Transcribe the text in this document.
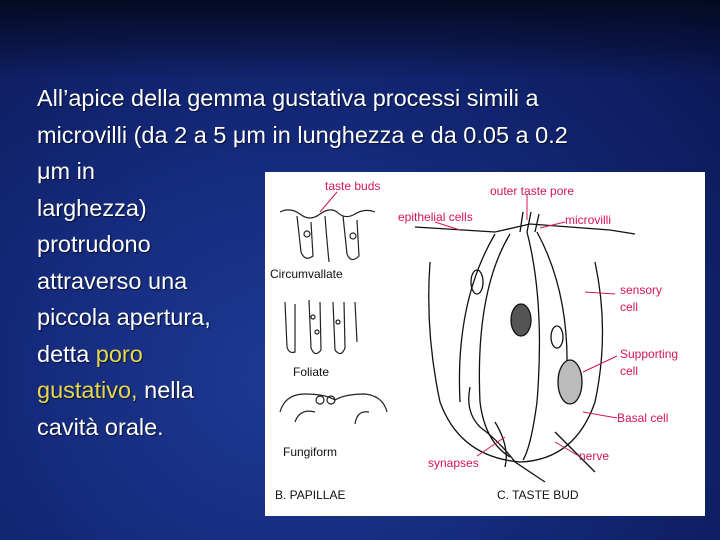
All’apice della gemma gustativa processi simili a
microvilli (da 2 a 5 μm in lunghezza e da 0.05 a 0.2
μm in
larghezza)
protrudono
attraverso una
piccola apertura,
detta poro
gustativo, nella
cavità orale.
Circumvallate
Foliate
Fungiform
B. PAPILLAE
taste buds	outer taste pore
epithelial cells	microvilli
sensory
cell
Supporting
cell
Basal cell
synapses	nerve
C. TASTE BUD
